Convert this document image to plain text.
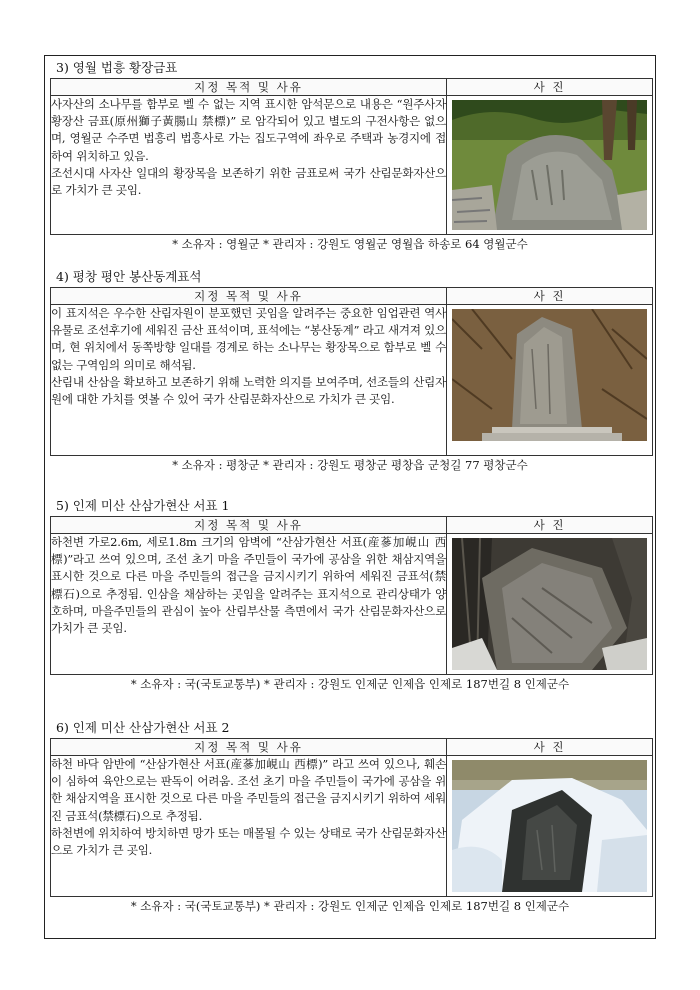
3) 영월 법흥 황장금표
지정 목적 및 사유	사 진

사자산의 소나무를 함부로 벨 수 없는 지역 표시한 암석문으로 내용은 “원주사자황장산 금표(原州獅子黃腸山 禁標)” 로 암각되어 있고 별도의 구전사항은 없으며, 영월군 수주면 법흥리 법흥사로 가는 집도구역에 좌우로 주택과 농경지에 접하여 위치하고 있음.

조선시대 사자산 일대의 황장목을 보존하기 위한 금표로써 국가 산림문화자산으로 가치가 큰 곳임.

* 소유자 : 영월군 * 관리자 : 강원도 영월군 영월읍 하송로 64 영월군수
4) 평창 평안 봉산동계표석
지정 목적 및 사유	사 진

이 표지석은 우수한 산림자원이 분포했던 곳임을 알려주는 중요한 임업관련 역사 유물로 조선후기에 세워진 금산 표석이며, 표석에는 “봉산동계” 라고 새겨져 있으며, 현 위치에서 동쪽방향 일대를 경계로 하는 소나무는 황장목으로 함부로 벨 수 없는 구역임의 의미로 해석됨.

산림내 산삼을 확보하고 보존하기 위해 노력한 의지를 보여주며, 선조들의 산림자원에 대한 가치를 엿볼 수 있어 국가 산림문화자산으로 가치가 큰 곳임.

* 소유자 : 평창군 * 관리자 : 강원도 평창군 평창읍 군청길 77 평창군수
5) 인제 미산 산삼가현산 서표 1
지정 목적 및 사유	사 진

하천변 가로2.6m, 세로1.8m 크기의 암벽에 “산삼가현산 서표(産蔘加峴山 西標)”라고 쓰여 있으며, 조선 초기 마을 주민들이 국가에 공삼을 위한 채삼지역을 표시한 것으로 다른 마을 주민들의 접근을 금지시키기 위하여 세워진 금표석(禁標石)으로 추정됨. 인삼을 채삼하는 곳임을 알려주는 표지석으로 관리상태가 양호하며, 마을주민들의 관심이 높아 산림부산물 측면에서 국가 산림문화자산으로 가치가 큰 곳임.

* 소유자 : 국(국토교통부) * 관리자 : 강원도 인제군 인제읍 인제로 187번길 8 인제군수
6) 인제 미산 산삼가현산 서표 2
지정 목적 및 사유	사 진

하천 바닥 암반에 “산삼가현산 서표(産蔘加峴山 西標)” 라고 쓰여 있으나, 훼손이 심하여 육안으로는 판독이 어려움. 조선 초기 마을 주민들이 국가에 공삼을 위한 채삼지역을 표시한 것으로 다른 마을 주민들의 접근을 금지시키기 위하여 세워진 금표석(禁標石)으로 추정됨.

하천변에 위치하여 방치하면 망가 또는 매몰될 수 있는 상태로 국가 산림문화자산으로 가치가 큰 곳임.

* 소유자 : 국(국토교통부) * 관리자 : 강원도 인제군 인제읍 인제로 187번길 8 인제군수
